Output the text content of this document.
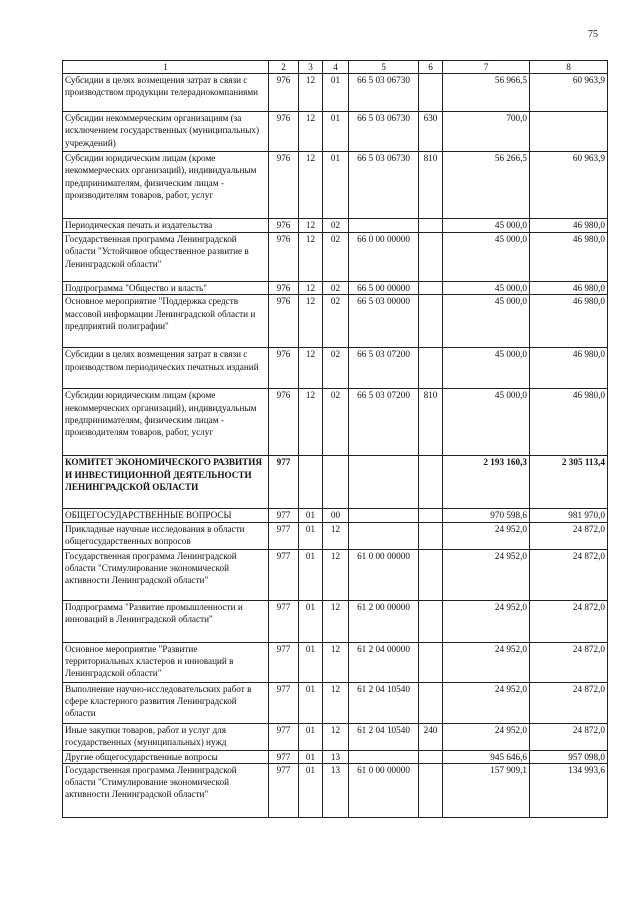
75
1	2	3	4	5	6	7	8
Субсидии в целях возмещения затрат в связи с производством продукции телерадиокомпаниями	976	12	01	66 5 03 06730		56 966,5	60 963,9
Субсидии некоммерческим организациям (за исключением государственных (муниципальных) учреждений)	976	12	01	66 5 03 06730	630	700,0	
Субсидии юридическим лицам (кроме некоммерческих организаций), индивидуальным предпринимателям, физическим лицам - производителям товаров, работ, услуг	976	12	01	66 5 03 06730	810	56 266,5	60 963,9
Периодическая печать и издательства	976	12	02			45 000,0	46 980,0
Государственная программа Ленинградской области "Устойчивое общественное развитие в Ленинградской области"	976	12	02	66 0 00 00000		45 000,0	46 980,0
Подпрограмма "Общество и власть"	976	12	02	66 5 00 00000		45 000,0	46 980,0
Основное мероприятие "Поддержка средств массовой информации Ленинградской области и предприятий полиграфии"	976	12	02	66 5 03 00000		45 000,0	46 980,0
Субсидии в целях возмещения затрат в связи с производством периодических печатных изданий	976	12	02	66 5 03 07200		45 000,0	46 980,0
Субсидии юридическим лицам (кроме некоммерческих организаций), индивидуальным предпринимателям, физическим лицам - производителям товаров, работ, услуг	976	12	02	66 5 03 07200	810	45 000,0	46 980,0
КОМИТЕТ ЭКОНОМИЧЕСКОГО РАЗВИТИЯ И ИНВЕСТИЦИОННОЙ ДЕЯТЕЛЬНОСТИ ЛЕНИНГРАДСКОЙ ОБЛАСТИ	977					2 193 160,3	2 305 113,4
ОБЩЕГОСУДАРСТВЕННЫЕ ВОПРОСЫ	977	01	00			970 598,6	981 970,0
Прикладные научные исследования в области общегосударственных вопросов	977	01	12			24 952,0	24 872,0
Государственная программа Ленинградской области "Стимулирование экономической активности Ленинградской области"	977	01	12	61 0 00 00000		24 952,0	24 872,0
Подпрограмма "Развитие промышленности и инноваций в Ленинградской области"	977	01	12	61 2 00 00000		24 952,0	24 872,0
Основное мероприятие "Развитие территориальных кластеров и инноваций в Ленинградской области"	977	01	12	61 2 04 00000		24 952,0	24 872,0
Выполнение научно-исследовательских работ в сфере кластерного развития Ленинградской области	977	01	12	61 2 04 10540		24 952,0	24 872,0
Иные закупки товаров, работ и услуг для государственных (муниципальных) нужд	977	01	12	61 2 04 10540	240	24 952,0	24 872,0
Другие общегосударственные вопросы	977	01	13			945 646,6	957 098,0
Государственная программа Ленинградской области "Стимулирование экономической активности Ленинградской области"	977	01	13	61 0 00 00000		157 909,1	134 993,6
